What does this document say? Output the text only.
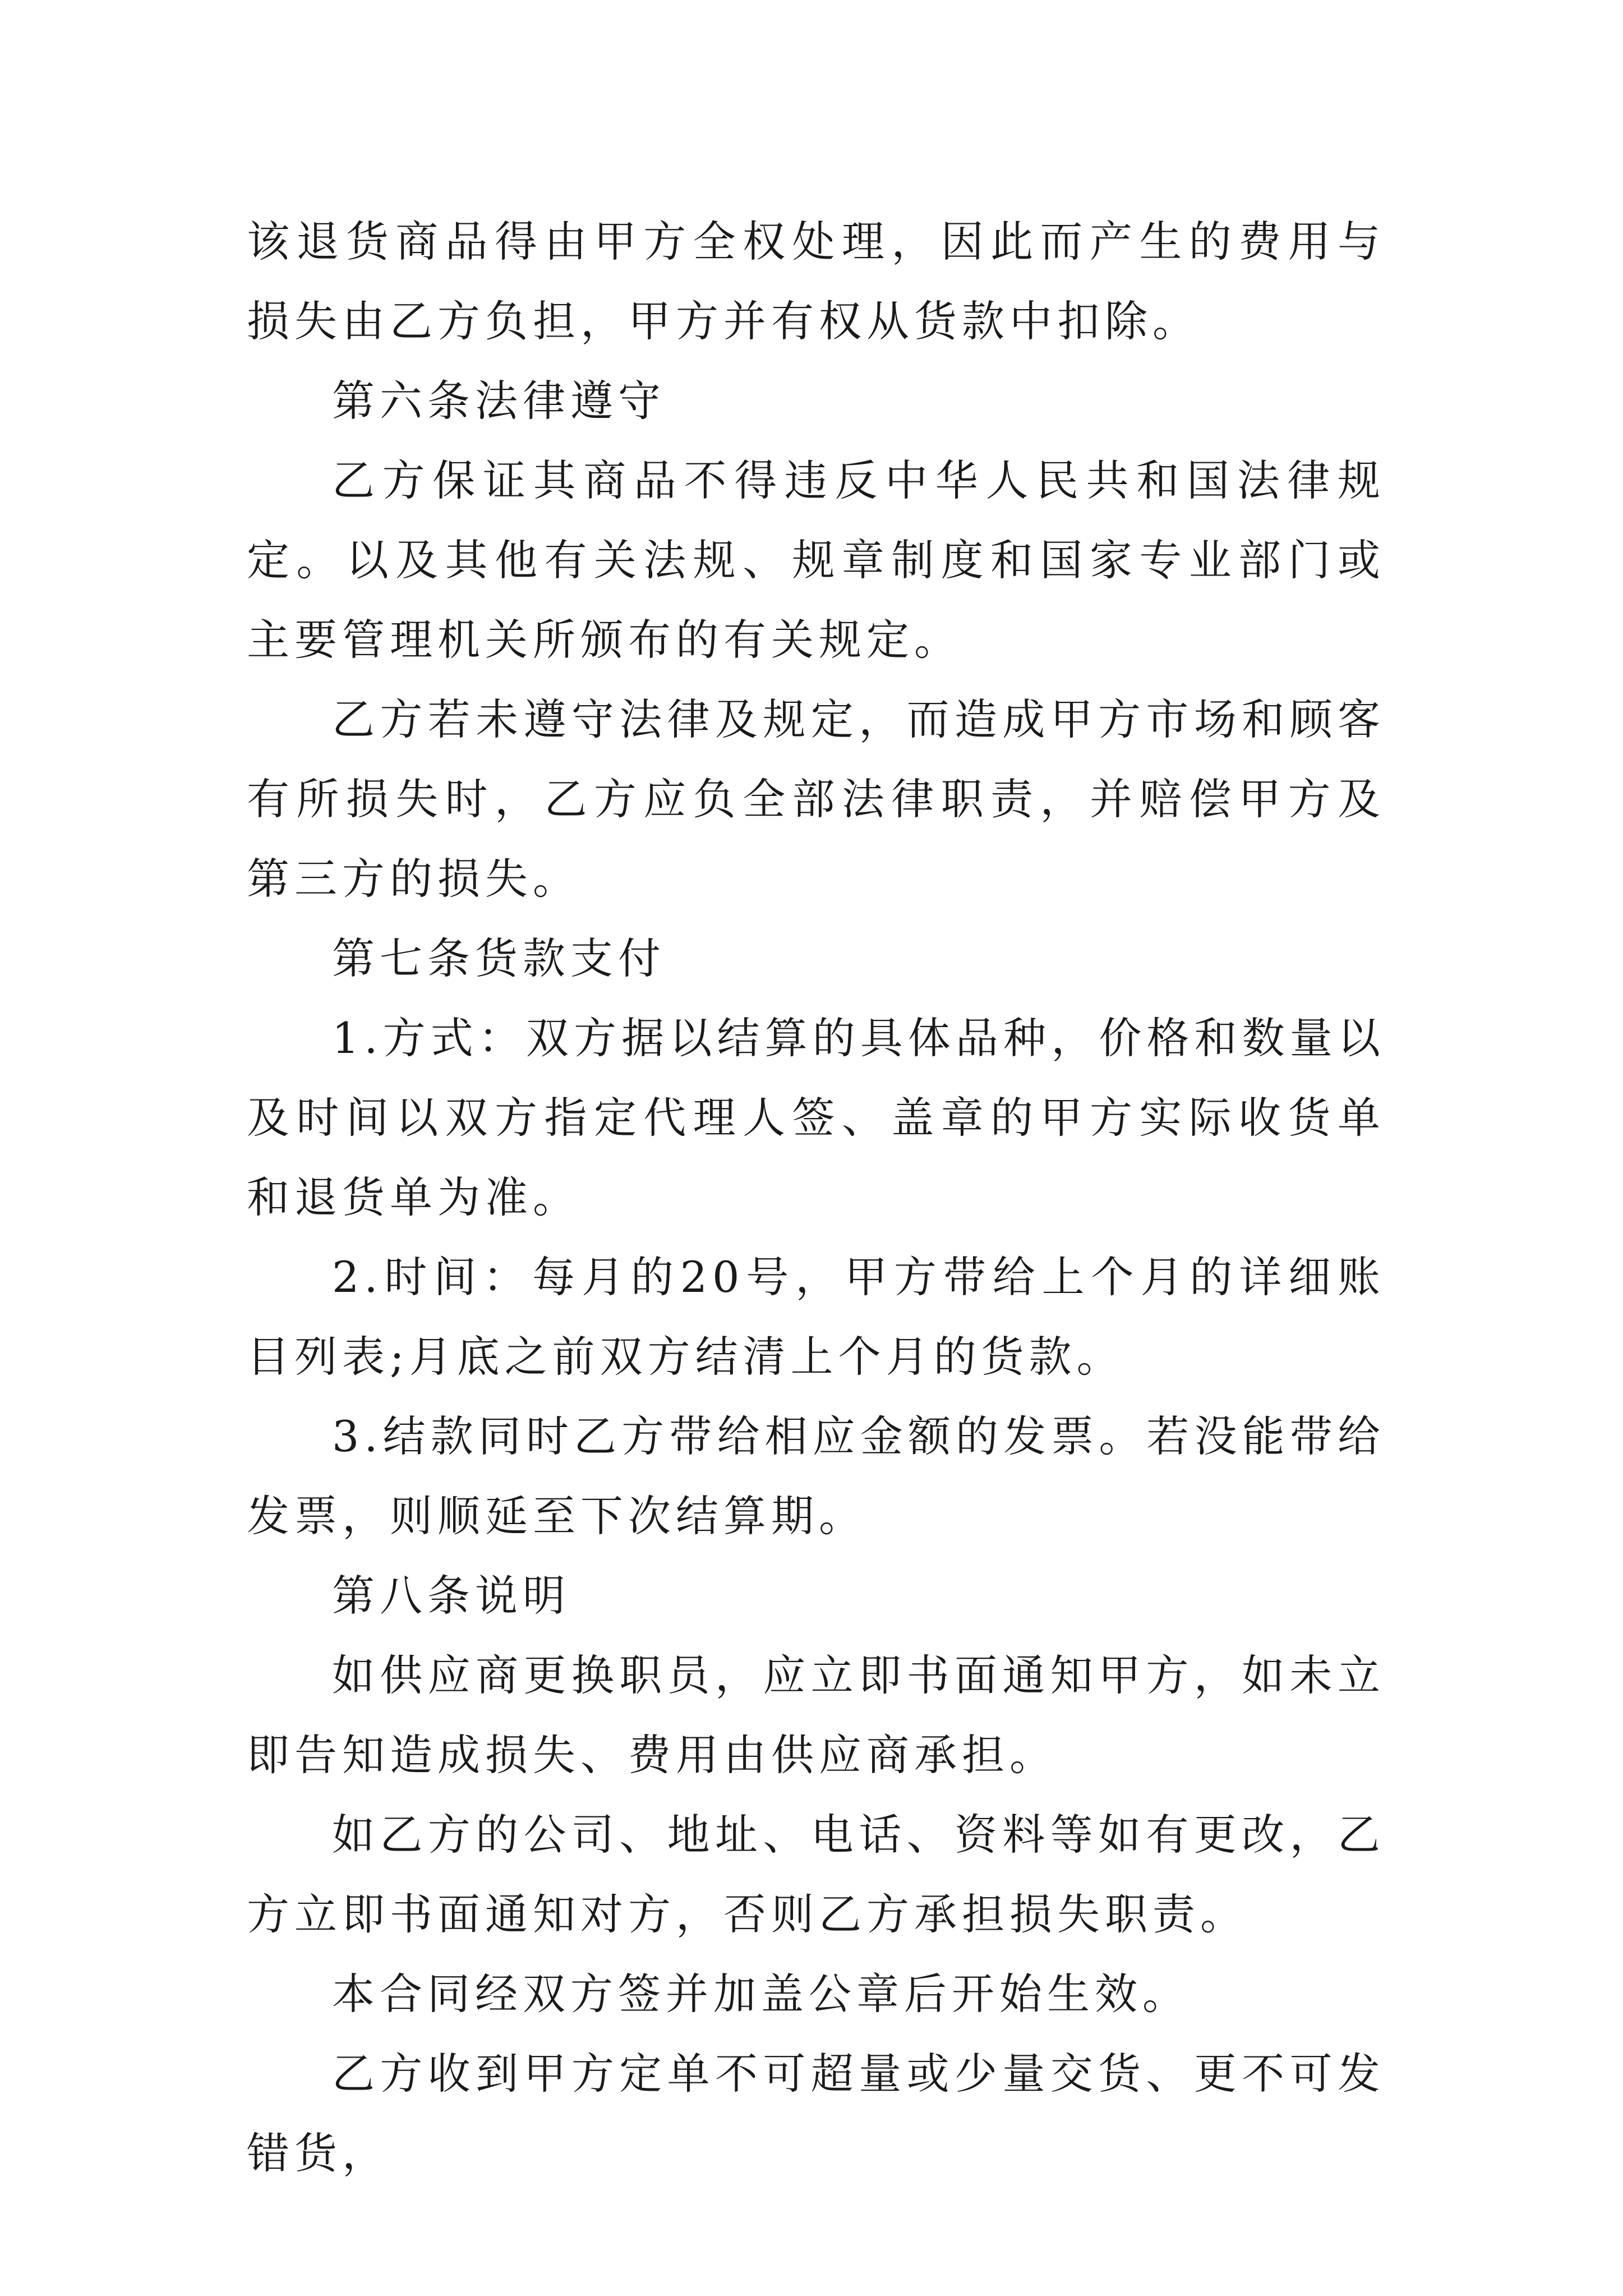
该退货商品得由甲方全权处理，因此而产生的费用与损失由乙方负担，甲方并有权从货款中扣除。

第六条法律遵守

乙方保证其商品不得违反中华人民共和国法律规定。以及其他有关法规、规章制度和国家专业部门或主要管理机关所颁布的有关规定。

乙方若未遵守法律及规定，而造成甲方市场和顾客有所损失时，乙方应负全部法律职责，并赔偿甲方及第三方的损失。

第七条货款支付

1.方式：双方据以结算的具体品种，价格和数量以及时间以双方指定代理人签、盖章的甲方实际收货单和退货单为准。

2.时间：每月的20号，甲方带给上个月的详细账目列表;月底之前双方结清上个月的货款。

3.结款同时乙方带给相应金额的发票。若没能带给发票，则顺延至下次结算期。

第八条说明

如供应商更换职员，应立即书面通知甲方，如未立即告知造成损失、费用由供应商承担。

如乙方的公司、地址、电话、资料等如有更改，乙方立即书面通知对方，否则乙方承担损失职责。

本合同经双方签并加盖公章后开始生效。

乙方收到甲方定单不可超量或少量交货、更不可发错货，
